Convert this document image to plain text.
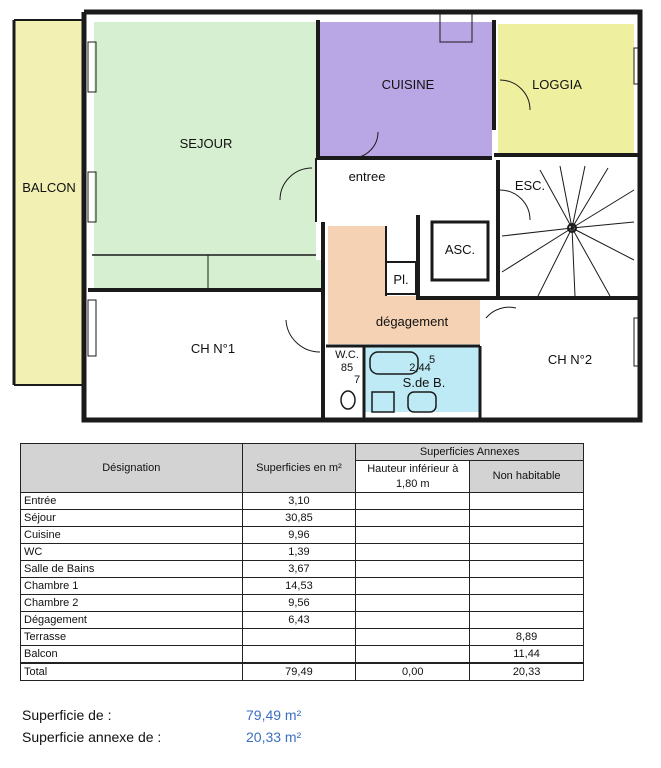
BALCON
SEJOUR
CUISINE	LOGGIA
entree
ESC.
ASC.
Pl.
dégagement
CH N°1
CH N°2
S.de B.
W.C.
85
7
2,44
5
Désignation	Superficies en m²	Superficies Annexes	
		Hauteur inférieur à 1,80 m	Non habitable
Entrée	3,10		
Séjour	30,85		
Cuisine	9,96		
WC	1,39		
Salle de Bains	3,67		
Chambre 1	14,53		
Chambre 2	9,56		
Dégagement	6,43		
Terrasse			8,89
Balcon			11,44
Total	79,49	0,00	20,33
Superficie de :	79,49 m²
Superficie annexe de :	20,33 m²
